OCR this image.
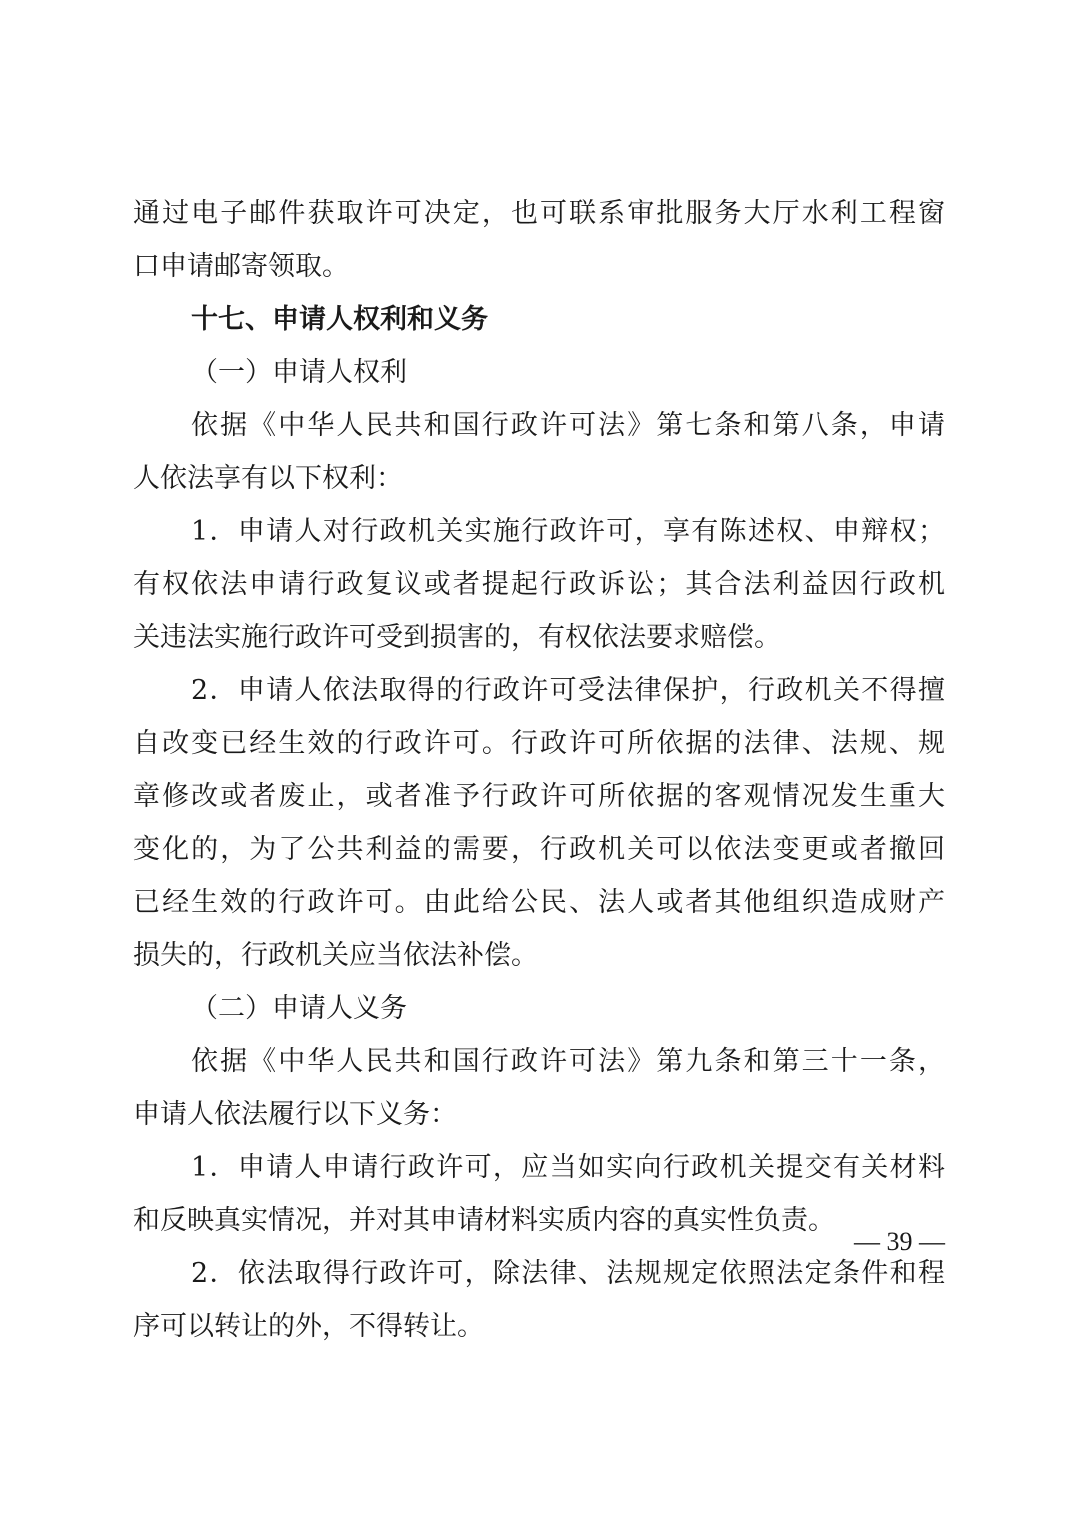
通过电子邮件获取许可决定，也可联系审批服务大厅水利工程窗
口申请邮寄领取。
十七、申请人权利和义务
（一）申请人权利
依据《中华人民共和国行政许可法》第七条和第八条，申请
人依法享有以下权利：
1．申请人对行政机关实施行政许可，享有陈述权、申辩权；
有权依法申请行政复议或者提起行政诉讼；其合法利益因行政机
关违法实施行政许可受到损害的，有权依法要求赔偿。
2．申请人依法取得的行政许可受法律保护，行政机关不得擅
自改变已经生效的行政许可。行政许可所依据的法律、法规、规
章修改或者废止，或者准予行政许可所依据的客观情况发生重大
变化的，为了公共利益的需要，行政机关可以依法变更或者撤回
已经生效的行政许可。由此给公民、法人或者其他组织造成财产
损失的，行政机关应当依法补偿。
（二）申请人义务
依据《中华人民共和国行政许可法》第九条和第三十一条，
申请人依法履行以下义务：
1．申请人申请行政许可，应当如实向行政机关提交有关材料
和反映真实情况，并对其申请材料实质内容的真实性负责。
2．依法取得行政许可，除法律、法规规定依照法定条件和程
序可以转让的外，不得转让。
— 39 —
